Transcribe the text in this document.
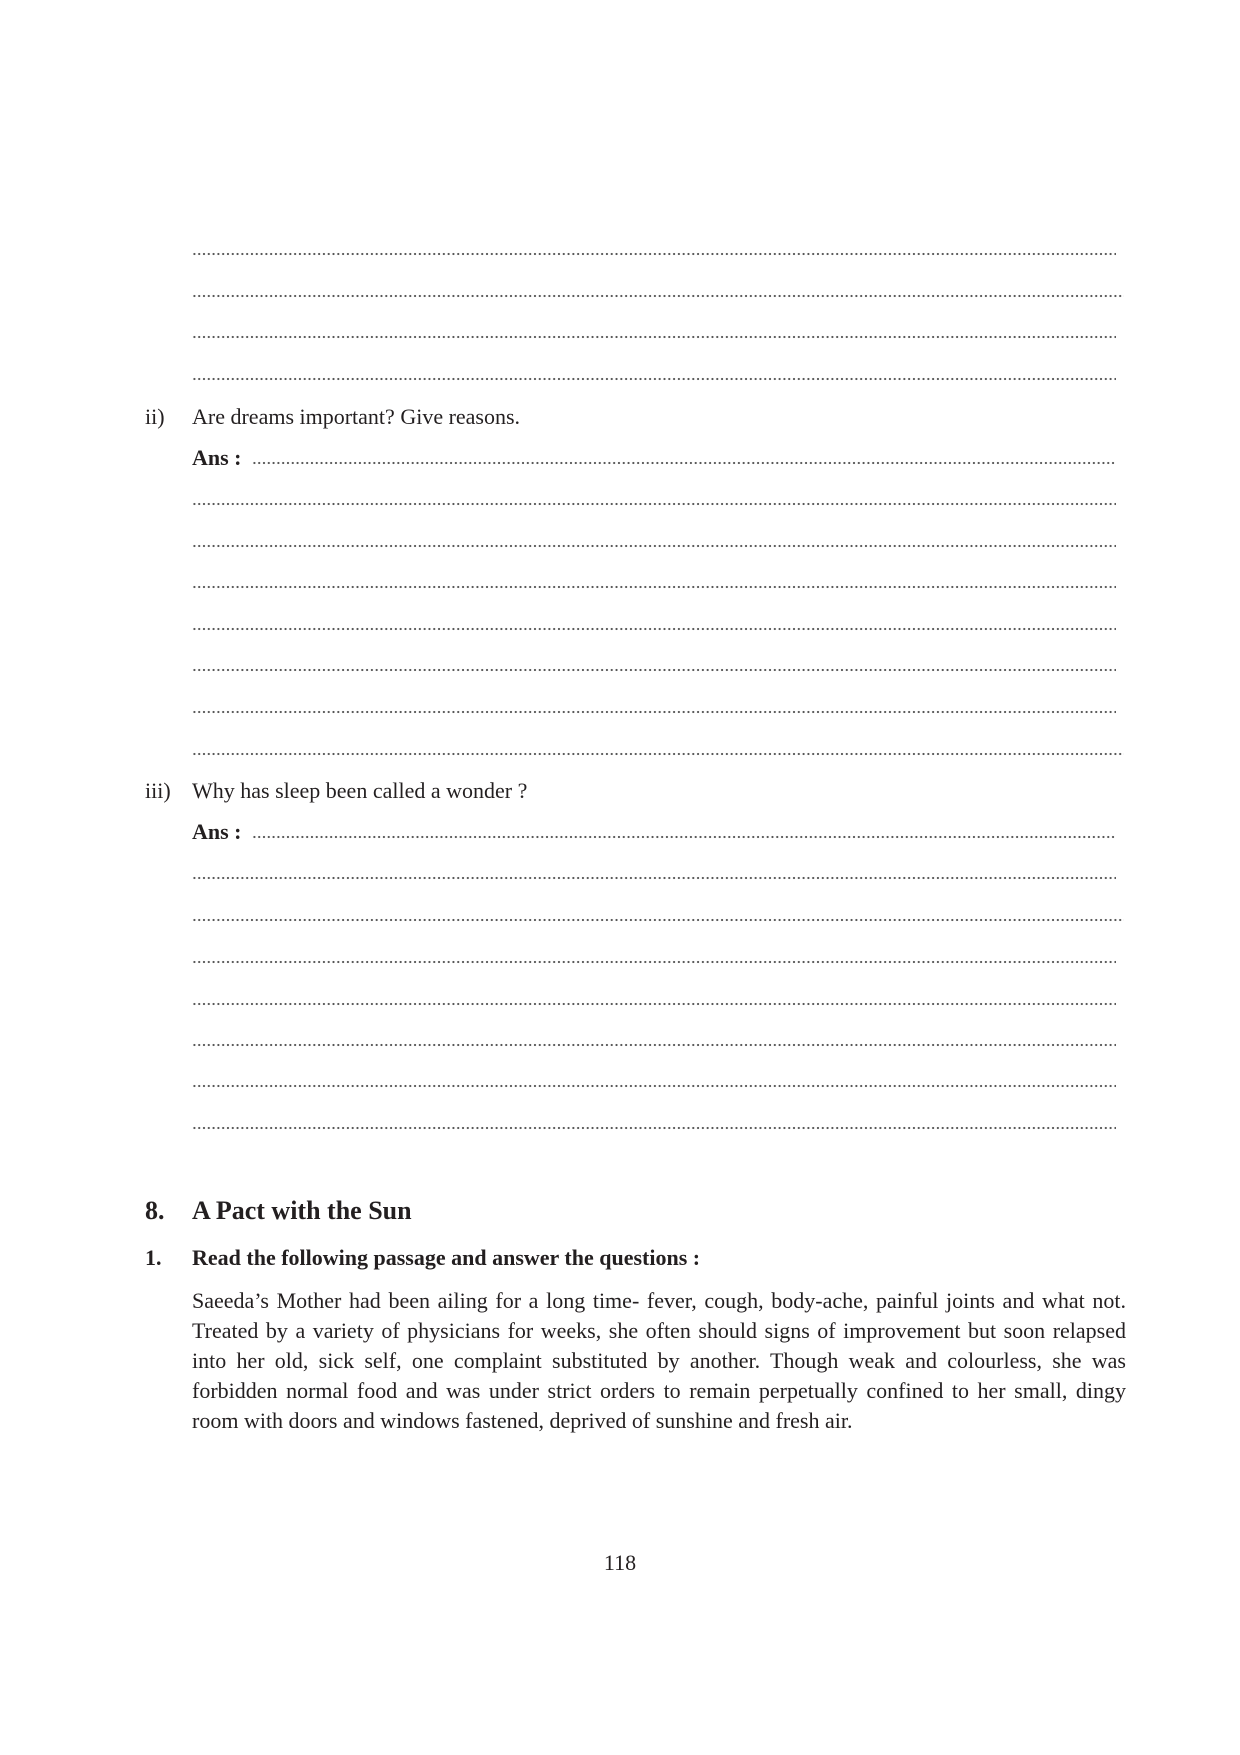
ii) Are dreams important? Give reasons.
Ans :
iii) Why has sleep been called a wonder ?
Ans :
8. A Pact with the Sun
1. Read the following passage and answer the questions :

Saeeda’s Mother had been ailing for a long time- fever, cough, body-ache, painful joints and what not. Treated by a variety of physicians for weeks, she often should signs of improvement but soon relapsed into her old, sick self, one complaint substituted by another. Though weak and colourless, she was forbidden normal food and was under strict orders to remain perpetually confined to her small, dingy room with doors and windows fastened, deprived of sunshine and fresh air.

118
